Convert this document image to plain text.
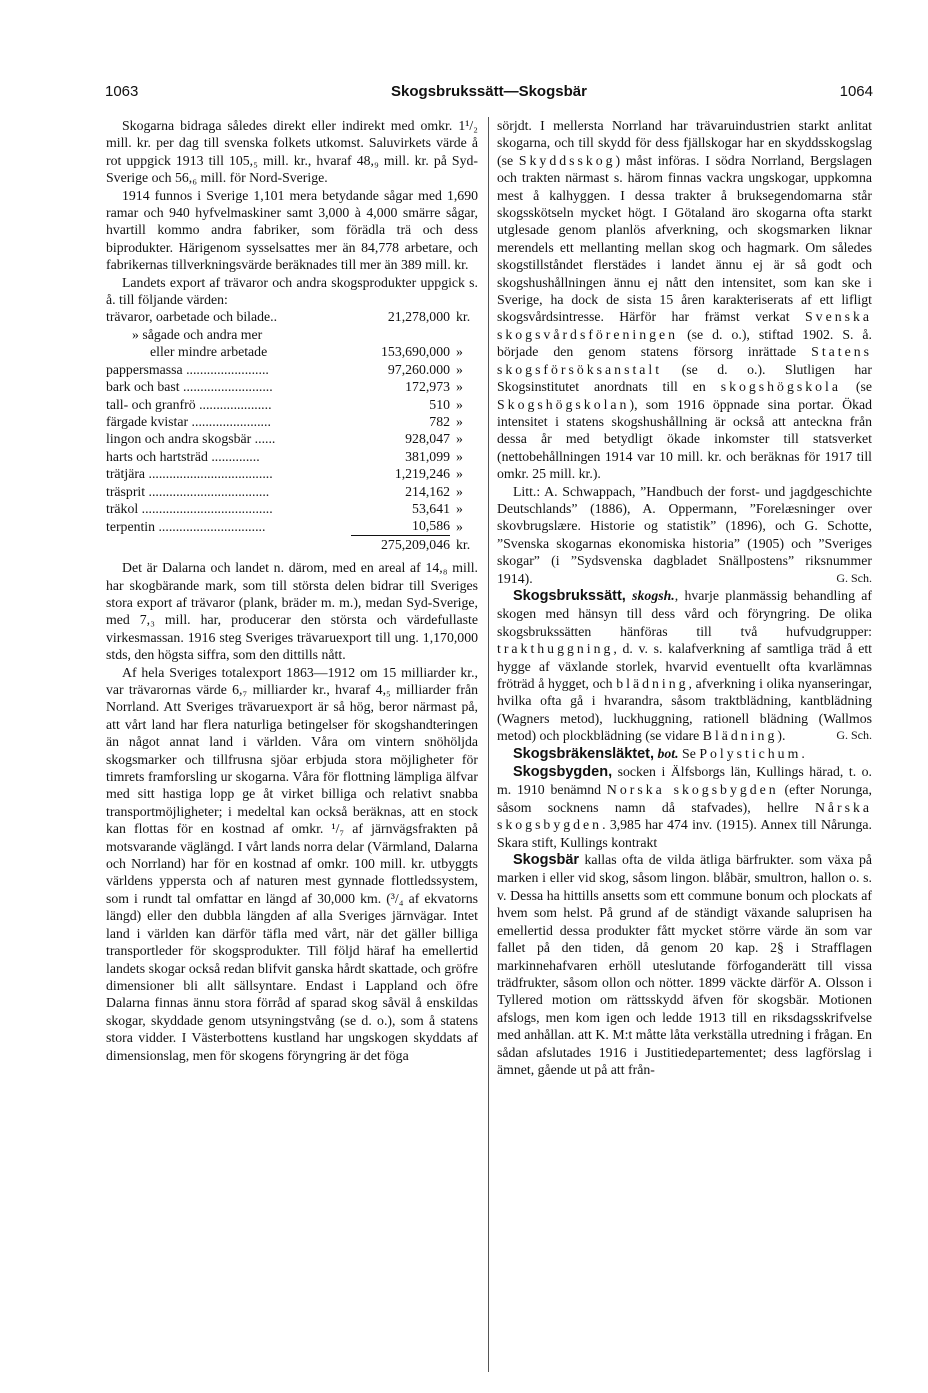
1063	Skogsbrukssätt—Skogsbär	1064

Skogarna bidraga således direkt eller indirekt med omkr. 1¹/₂ mill. kr. per dag till svenska folkets utkomst. Saluvirkets värde å rot uppgick 1913 till 105,₅ mill. kr., hvaraf 48,₉ mill. kr. på Syd-Sverige och 56,₆ mill. för Nord-Sverige.

1914 funnos i Sverige 1,101 mera betydande sågar med 1,690 ramar och 940 hyfvelmaskiner samt 3,000 à 4,000 smärre sågar, hvartill kommo andra fabriker, som förädla trä och dess biprodukter. Härigenom sysselsattes mer än 84,778 arbetare, och fabrikernas tillverkningsvärde beräknades till mer än 389 mill. kr.

Landets export af trävaror och andra skogsprodukter uppgick s. å. till följande värden:

trävaror, oarbetade och bilade..	21,278,000	kr.
» sågade och andra mer		
eller mindre arbetade	153,690,000	»
pappersmassa ........................	97,260.000	»
bark och bast ..........................	172,973	»
tall- och granfrö .....................	510	»
färgade kvistar .......................	782	»
lingon och andra skogsbär ......	928,047	»
harts och hartsträd ..............	381,099	»
trätjära ....................................	1,219,246	»
träsprit ...................................	214,162	»
träkol ......................................	53,641	»
terpentin ...............................	10,586	»
	275,209,046	kr.

Det är Dalarna och landet n. därom, med en areal af 14,₈ mill. har skogbärande mark, som till största delen bidrar till Sveriges stora export af trävaror (plank, bräder m. m.), medan Syd-Sverige, med 7,₃ mill. har, producerar den största och värdefullaste virkesmassan. 1916 steg Sveriges trävaruexport till ung. 1,170,000 stds, den högsta siffra, som den dittills nått.

Af hela Sveriges totalexport 1863—1912 om 15 milliarder kr., var trävarornas värde 6,₇ milliarder kr., hvaraf 4,₅ milliarder från Norrland. Att Sveriges trävaruexport är så hög, beror närmast på, att vårt land har flera naturliga betingelser för skogshandteringen än något annat land i världen. Våra om vintern snöhöljda skogsmarker och tillfrusna sjöar erbjuda stora möjligheter för timrets framforsling ur skogarna. Våra för flottning lämpliga älfvar med sitt hastiga lopp ge åt virket billiga och relativt snabba transportmöjligheter; i medeltal kan också beräknas, att en stock kan flottas för en kostnad af omkr. ¹/₇ af järnvägsfrakten på motsvarande väglängd. I vårt lands norra delar (Värmland, Dalarna och Norrland) har för en kostnad af omkr. 100 mill. kr. utbyggts världens yppersta och af naturen mest gynnade flottledssystem, som i rundt tal omfattar en längd af 30,000 km. (³/₄ af ekvatorns längd) eller den dubbla längden af alla Sveriges järnvägar. Intet land i världen kan därför täfla med vårt, när det gäller billiga transportleder för skogsprodukter. Till följd häraf ha emellertid landets skogar också redan blifvit ganska hårdt skattade, och gröfre dimensioner bli allt sällsyntare. Endast i Lappland och öfre Dalarna finnas ännu stora förråd af sparad skog såväl å enskildas skogar, skyddade genom utsyningstvång (se d. o.), som å statens stora vidder. I Västerbottens kustland har ungskogen skyddats af dimensionslag, men för skogens föryngring är det föga

sörjdt. I mellersta Norrland har trävaruindustrien starkt anlitat skogarna, och till skydd för dess fjällskogar har en skyddsskogslag (se Skyddsskog) måst införas. I södra Norrland, Bergslagen och trakten närmast s. härom finnas vackra ungskogar, uppkomna mest å kalhyggen. I dessa trakter å bruksegendomarna står skogsskötseln mycket högt. I Götaland äro skogarna ofta starkt utglesade genom planlös afverkning, och skogsmarken liknar merendels ett mellanting mellan skog och hagmark. Om således skogstillståndet flerstädes i landet ännu ej är så godt och skogshushållningen ännu ej nått den intensitet, som kan ske i Sverige, ha dock de sista 15 åren karakteriserats af ett lifligt skogsvårdsintresse. Härför har främst verkat Svenska skogsvårdsföreningen (se d. o.), stiftad 1902. S. å. började den genom statens försorg inrättade Statens skogsförsöksanstalt (se d. o.). Slutligen har Skogsinstitutet anordnats till en skogshögskola (se Skogshögskolan), som 1916 öppnade sina portar. Ökad intensitet i statens skogshushållning är också att anteckna från dessa år med betydligt ökade inkomster till statsverket (nettobehållningen 1914 var 10 mill. kr. och beräknas för 1917 till omkr. 25 mill. kr.).

Litt.: A. Schwappach, ”Handbuch der forst- und jagdgeschichte Deutschlands” (1886), A. Oppermann, ”Forelæsninger over skovbrugslære. Historie og statistik” (1896), och G. Schotte, ”Svenska skogarnas ekonomiska historia” (1905) och ”Sveriges skogar” (i ”Sydsvenska dagbladet Snällpostens” riksnummer 1914).	G. Sch.

Skogsbrukssätt, skogsh., hvarje planmässig behandling af skogen med hänsyn till dess vård och föryngring. De olika skogsbrukssätten hänföras till två hufvudgrupper: trakthuggning, d. v. s. kalafverkning af samtliga träd å ett hygge af växlande storlek, hvarvid eventuellt ofta kvarlämnas fröträd å hygget, och blädning, afverkning i olika nyanseringar, hvilka ofta gå i hvarandra, såsom traktblädning, kantblädning (Wagners metod), luckhuggning, rationell blädning (Wallmos metod) och plockblädning (se vidare Blädning).	G. Sch.

Skogsbräkensläktet, bot. Se Polystichum.

Skogsbygden, socken i Älfsborgs län, Kullings härad, t. o. m. 1910 benämnd Norska skogsbygden (efter Norunga, såsom socknens namn då stafvades), hellre Nårska skogsbygden. 3,985 har 474 inv. (1915). Annex till Nårunga. Skara stift, Kullings kontrakt

Skogsbär kallas ofta de vilda ätliga bärfrukter. som växa på marken i eller vid skog, såsom lingon. blåbär, smultron, hallon o. s. v. Dessa ha hittills ansetts som ett commune bonum och plockats af hvem som helst. På grund af de ständigt växande saluprisen ha emellertid dessa produkter fått mycket större värde än som var fallet på den tiden, då genom 20 kap. 2§ i Strafflagen markinnehafvaren erhöll uteslutande förfoganderätt till vissa trädfrukter, såsom ollon och nötter. 1899 väckte därför A. Olsson i Tyllered motion om rättsskydd äfven för skogsbär. Motionen afslogs, men kom igen och ledde 1913 till en riksdagsskrifvelse med anhållan. att K. M:t måtte låta verkställa utredning i frågan. En sådan afslutades 1916 i Justitiedepartementet; dess lagförslag i ämnet, gående ut på att från-
